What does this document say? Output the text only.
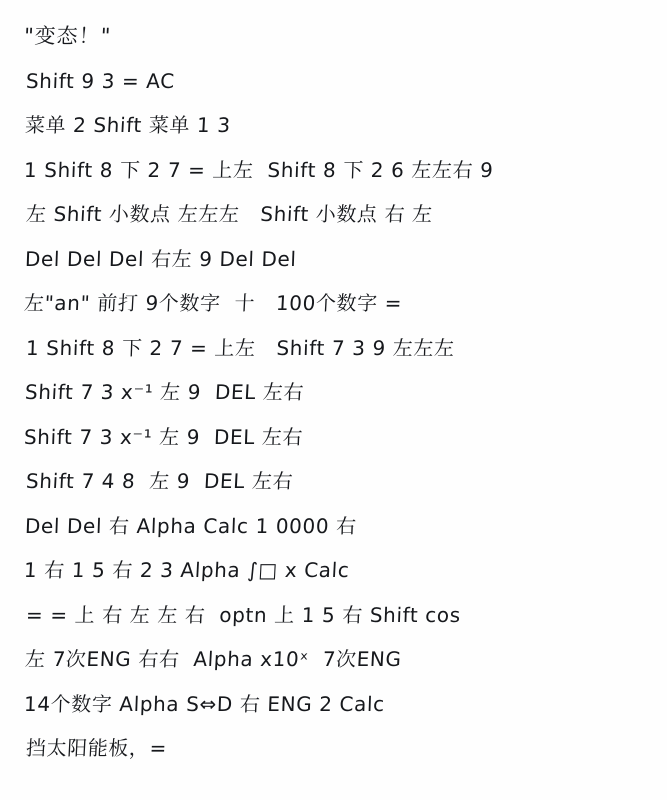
"变态！"
Shift 9 3 = AC
菜单 2 Shift 菜单 1 3
1 Shift 8 下 2 7 = 上左  Shift 8 下 2 6 左左右 9
左 Shift 小数点 左左左   Shift 小数点 右 左
Del Del Del 右左 9 Del Del
左"an" 前打 9个数字  十   100个数字 =
1 Shift 8 下 2 7 = 上左   Shift 7 3 9 左左左
Shift 7 3 x⁻¹ 左 9  DEL 左右
Shift 7 3 x⁻¹ 左 9  DEL 左右
Shift 7 4 8  左 9  DEL 左右
Del Del 右 Alpha Calc 1 0000 右
1 右 1 5 右 2 3 Alpha ∫□ x Calc
= = 上 右 左 左 右  optn 上 1 5 右 Shift cos
左 7次ENG 右右  Alpha x10ˣ  7次ENG
14个数字 Alpha S⇔D 右 ENG 2 Calc
挡太阳能板，=
